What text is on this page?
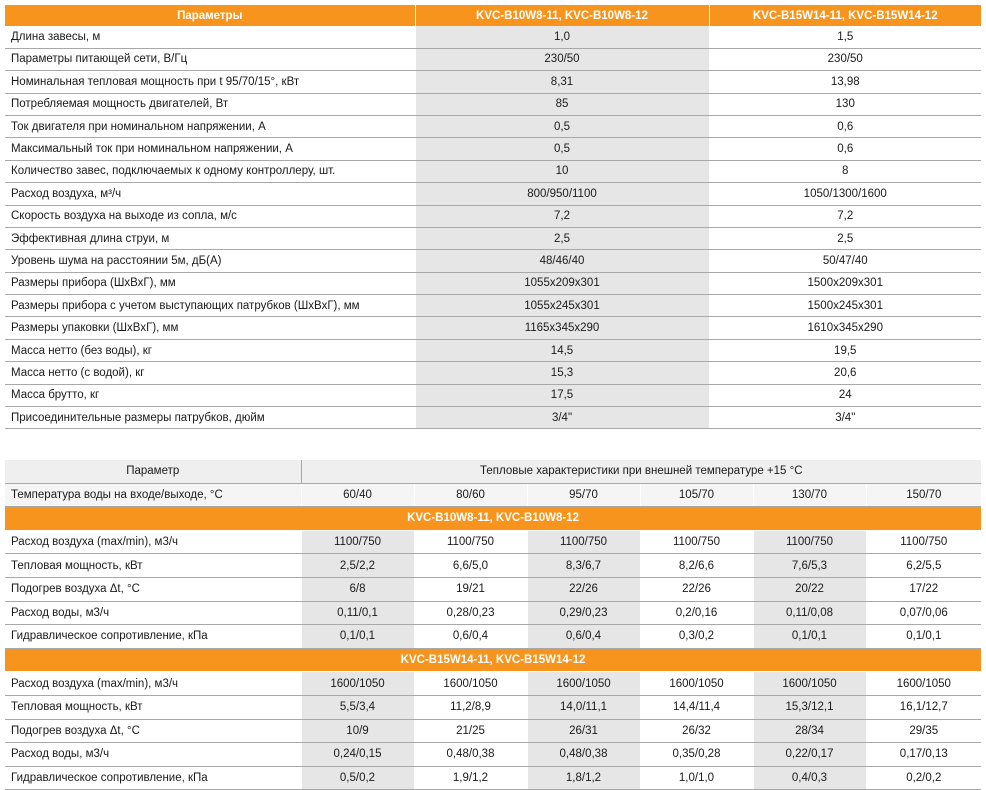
Параметры	KVC-B10W8-11, KVC-B10W8-12	KVC-B15W14-11, KVC-B15W14-12
Длина завесы, м	1,0	1,5
Параметры питающей сети, В/Гц	230/50	230/50
Номинальная тепловая мощность при t 95/70/15°, кВт	8,31	13,98
Потребляемая мощность двигателей, Вт	85	130
Ток двигателя при номинальном напряжении, А	0,5	0,6
Максимальный ток при номинальном напряжении, А	0,5	0,6
Количество завес, подключаемых к одному контроллеру, шт.	10	8
Расход воздуха, м³/ч	800/950/1100	1050/1300/1600
Скорость воздуха на выходе из сопла, м/с	7,2	7,2
Эффективная длина струи, м	2,5	2,5
Уровень шума на расстоянии 5м, дБ(А)	48/46/40	50/47/40
Размеры прибора (ШхВхГ), мм	1055x209x301	1500x209x301
Размеры прибора с учетом выступающих патрубков (ШхВхГ), мм	1055x245x301	1500x245x301
Размеры упаковки (ШхВхГ), мм	1165x345x290	1610x345x290
Масса нетто (без воды), кг	14,5	19,5
Масса нетто (с водой), кг	15,3	20,6
Масса брутто, кг	17,5	24
Присоединительные размеры патрубков, дюйм	3/4"	3/4"
Параметр	Тепловые характеристики при внешней температуре +15 °С					
Температура воды на входе/выходе, °С	60/40	80/60	95/70	105/70	130/70	150/70
KVC-B10W8-11, KVC-B10W8-12						
Расход воздуха (max/min), м3/ч	1100/750	1100/750	1100/750	1100/750	1100/750	1100/750
Тепловая мощность, кВт	2,5/2,2	6,6/5,0	8,3/6,7	8,2/6,6	7,6/5,3	6,2/5,5
Подогрев воздуха Δt, °С	6/8	19/21	22/26	22/26	20/22	17/22
Расход воды, м3/ч	0,11/0,1	0,28/0,23	0,29/0,23	0,2/0,16	0,11/0,08	0,07/0,06
Гидравлическое сопротивление, кПа	0,1/0,1	0,6/0,4	0,6/0,4	0,3/0,2	0,1/0,1	0,1/0,1
KVC-B15W14-11, KVC-B15W14-12						
Расход воздуха (max/min), м3/ч	1600/1050	1600/1050	1600/1050	1600/1050	1600/1050	1600/1050
Тепловая мощность, кВт	5,5/3,4	11,2/8,9	14,0/11,1	14,4/11,4	15,3/12,1	16,1/12,7
Подогрев воздуха Δt, °С	10/9	21/25	26/31	26/32	28/34	29/35
Расход воды, м3/ч	0,24/0,15	0,48/0,38	0,48/0,38	0,35/0,28	0,22/0,17	0,17/0,13
Гидравлическое сопротивление, кПа	0,5/0,2	1,9/1,2	1,8/1,2	1,0/1,0	0,4/0,3	0,2/0,2
